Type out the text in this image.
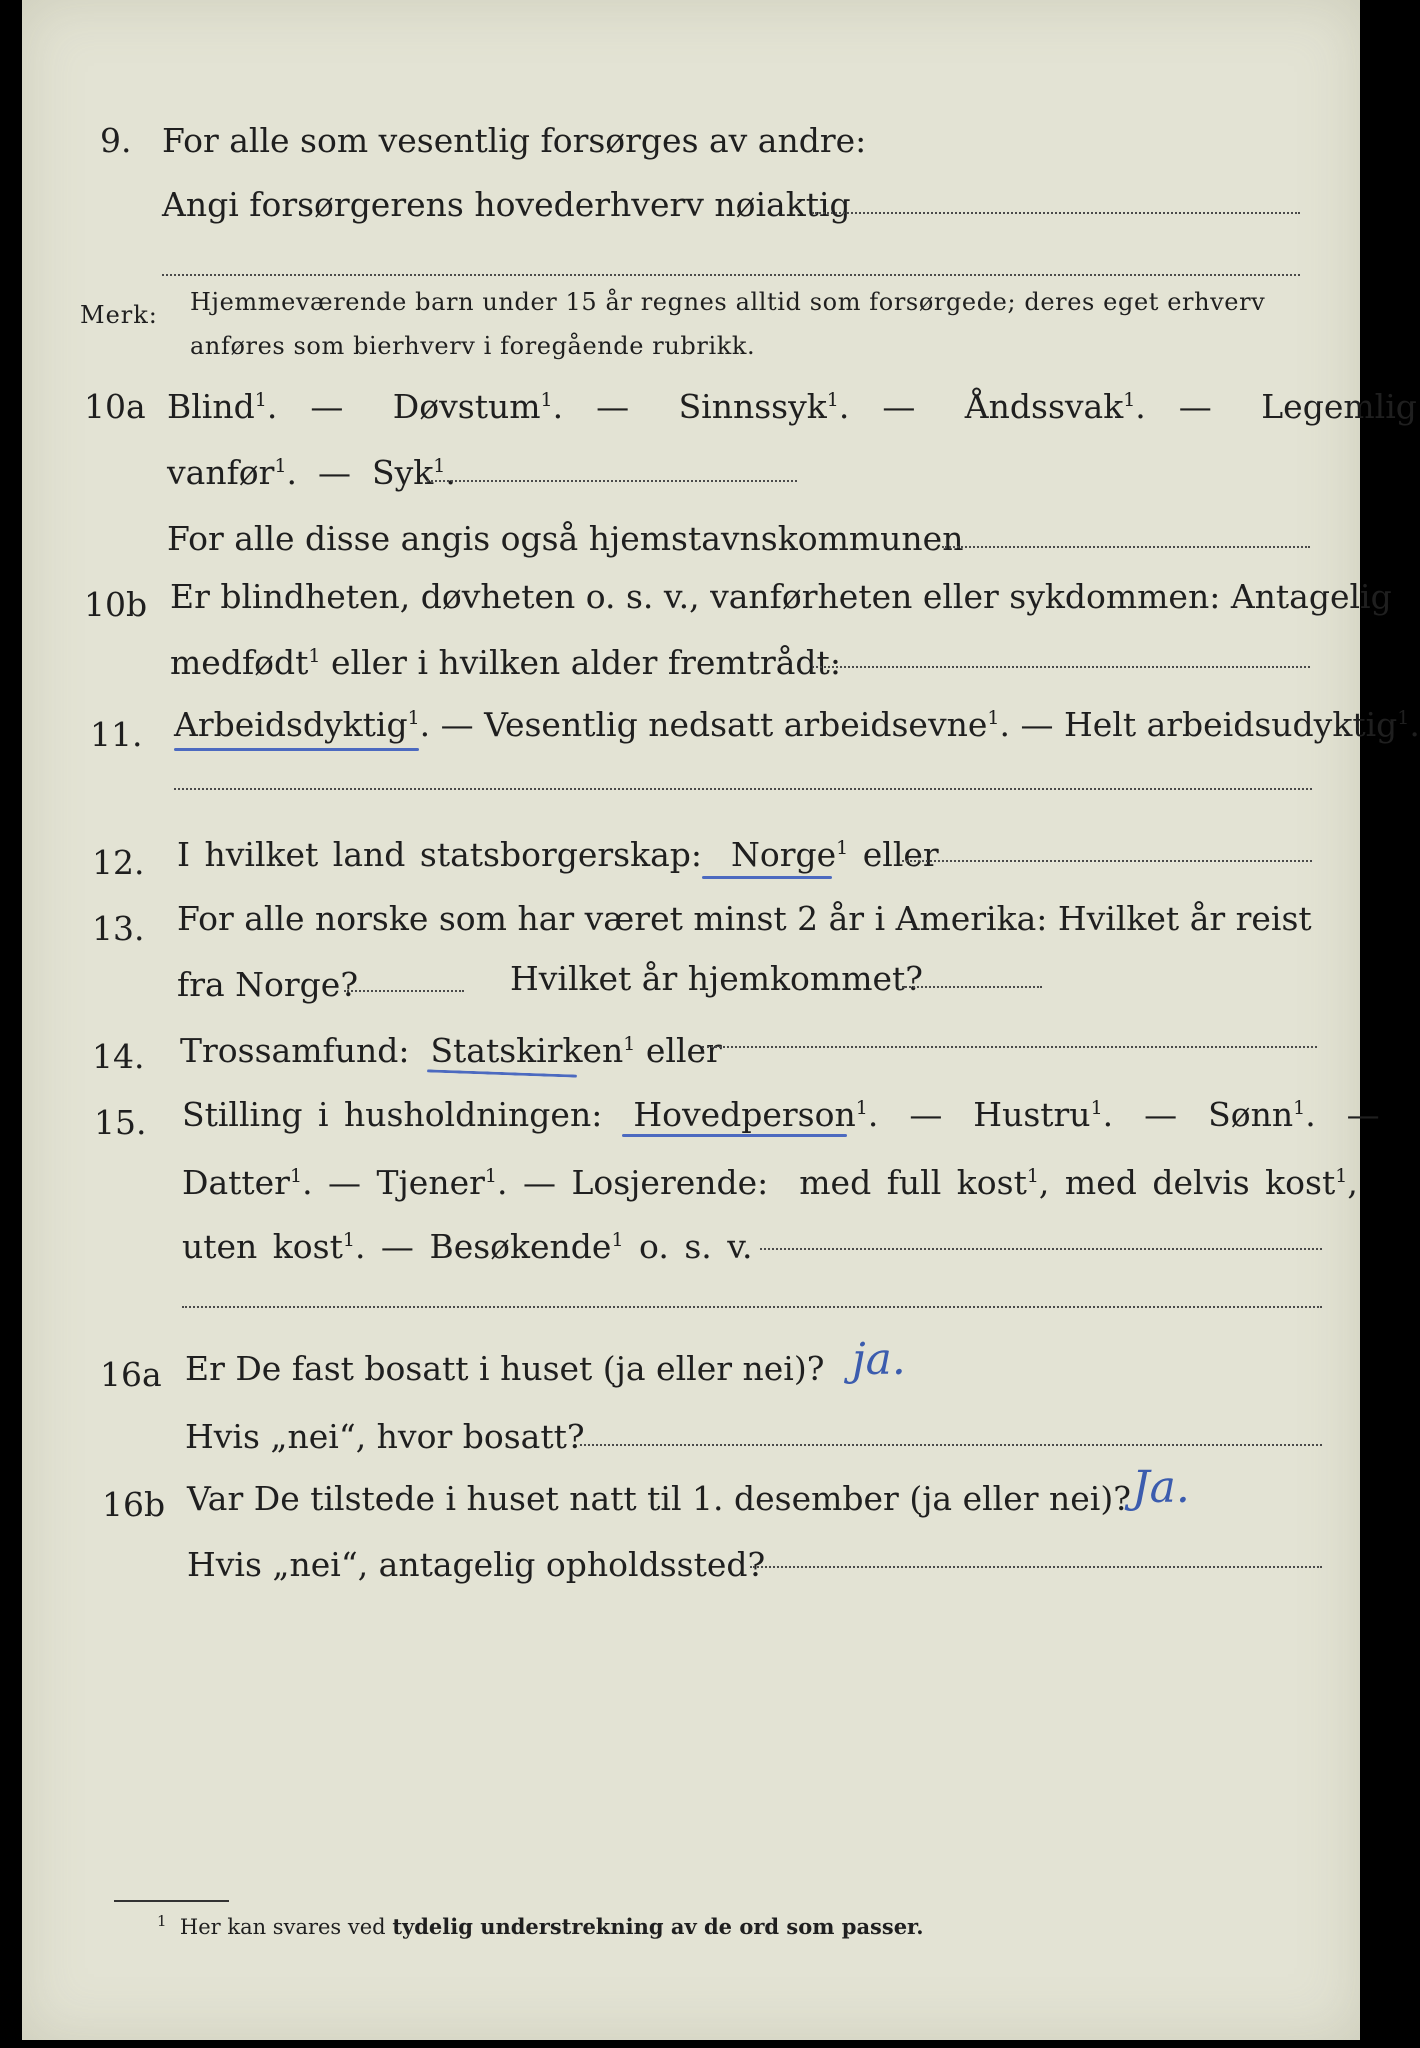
9. For alle som vesentlig forsørges av andre:
Angi forsørgerens hovederhverv nøiaktig
Merk: Hjemmeværende barn under 15 år regnes alltid som forsørgede; deres eget erhverv
anføres som bierhverv i foregående rubrikk.
10a Blind$^1$.  —   Døvstum$^1$.  —   Sinnssyk$^1$.  —   Åndssvak$^1$.  —   Legemlig
vanfør$^1$.  —  Syk$^1$.
For alle disse angis også hjemstavnskommunen
10b Er blindheten, døvheten o. s. v., vanførheten eller sykdommen: Antagelig
medfødt$^1$ eller i hvilken alder fremtrådt:
11. Arbeidsdyktig$^1$. — Vesentlig nedsatt arbeidsevne$^1$. — Helt arbeidsudyktig$^1$.
12. I hvilket land statsborgerskap: Norge$^1$ eller
13. For alle norske som har været minst 2 år i Amerika: Hvilket år reist
fra Norge?	Hvilket år hjemkommet?
14. Trossamfund: Statskirken$^1$ eller
15. Stilling i husholdningen: Hovedperson$^1$.  —  Hustru$^1$.  —  Sønn$^1$.  —
Datter$^1$. — Tjener$^1$. — Losjerende: med full kost$^1$, med delvis kost$^1$,
uten kost$^1$. — Besøkende$^1$ o. s. v.
16a Er De fast bosatt i huset (ja eller nei)? ja.
Hvis „nei“, hvor bosatt?
16b Var De tilstede i huset natt til 1. desember (ja eller nei)? Ja.
Hvis „nei“, antagelig opholdssted?
$^1$ Her kan svares ved tydelig understrekning av de ord som passer.
